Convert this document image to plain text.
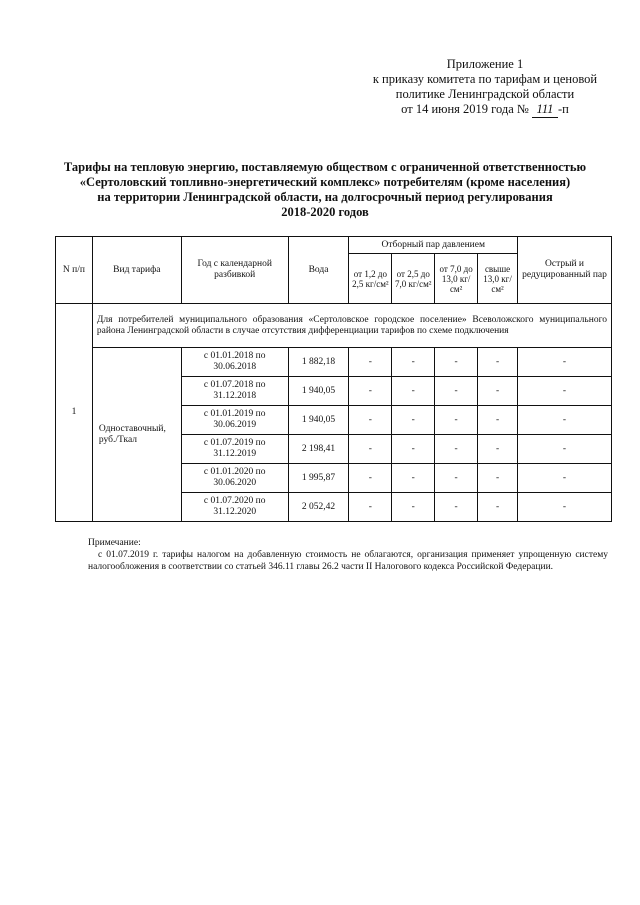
Приложение 1
к приказу комитета по тарифам и ценовой
политике Ленинградской области
от 14 июня 2019 года № 111 -п
Тарифы на тепловую энергию, поставляемую обществом с ограниченной ответственностью
«Сертоловский топливно-энергетический комплекс» потребителям (кроме населения)
на территории Ленинградской области, на долгосрочный период регулирования
2018-2020 годов
N п/п	Вид тарифа	Год с календарной разбивкой	Вода	Отборный пар давлением				Острый и редуцированный пар
				от 1,2 до 2,5 кг/см²	от 2,5 до 7,0 кг/см²	от 7,0 до 13,0 кг/см²	свыше 13,0 кг/см²	
1	Для потребителей муниципального образования «Сертоловское городское поселение» Всеволожского муниципального района Ленинградской области в случае отсутствия дифференциации тарифов по схеме подключения							
	Одноставочный, руб./Ткал	с 01.01.2018 по 30.06.2018	1 882,18	-	-	-	-	-
		с 01.07.2018 по 31.12.2018	1 940,05	-	-	-	-	-
		с 01.01.2019 по 30.06.2019	1 940,05	-	-	-	-	-
		с 01.07.2019 по 31.12.2019	2 198,41	-	-	-	-	-
		с 01.01.2020 по 30.06.2020	1 995,87	-	-	-	-	-
		с 01.07.2020 по 31.12.2020	2 052,42	-	-	-	-	-

Примечание:

с 01.07.2019 г. тарифы налогом на добавленную стоимость не облагаются, организация применяет упрощенную систему налогообложения в соответствии со статьей 346.11 главы 26.2 части II Налогового кодекса Российской Федерации.
